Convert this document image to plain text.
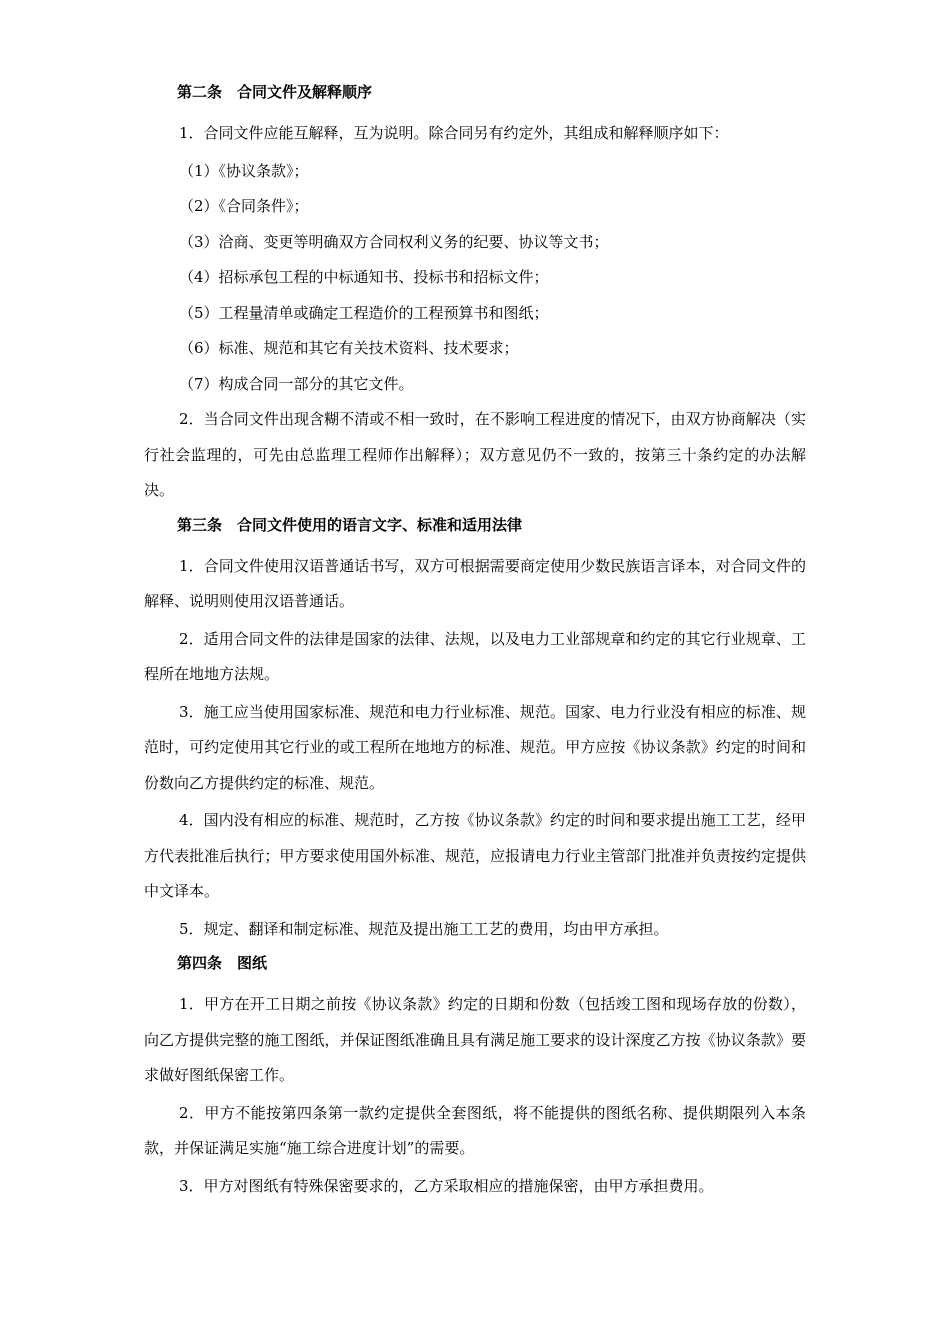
第二条　合同文件及解释顺序

1．合同文件应能互解释，互为说明。除合同另有约定外，其组成和解释顺序如下：

（1）《协议条款》；

（2）《合同条件》；

（3）洽商、变更等明确双方合同权利义务的纪要、协议等文书；

（4）招标承包工程的中标通知书、投标书和招标文件；

（5）工程量清单或确定工程造价的工程预算书和图纸；

（6）标准、规范和其它有关技术资料、技术要求；

（7）构成合同一部分的其它文件。

2．当合同文件出现含糊不清或不相一致时，在不影响工程进度的情况下，由双方协商解决（实行社会监理的，可先由总监理工程师作出解释）；双方意见仍不一致的，按第三十条约定的办法解决。

第三条　合同文件使用的语言文字、标准和适用法律

1．合同文件使用汉语普通话书写，双方可根据需要商定使用少数民族语言译本，对合同文件的解释、说明则使用汉语普通话。

2．适用合同文件的法律是国家的法律、法规，以及电力工业部规章和约定的其它行业规章、工程所在地地方法规。

3．施工应当使用国家标准、规范和电力行业标准、规范。国家、电力行业没有相应的标准、规范时，可约定使用其它行业的或工程所在地地方的标准、规范。甲方应按《协议条款》约定的时间和份数向乙方提供约定的标准、规范。

4．国内没有相应的标准、规范时，乙方按《协议条款》约定的时间和要求提出施工工艺，经甲方代表批准后执行；甲方要求使用国外标准、规范，应报请电力行业主管部门批准并负责按约定提供中文译本。

5．规定、翻译和制定标准、规范及提出施工工艺的费用，均由甲方承担。

第四条　图纸

1．甲方在开工日期之前按《协议条款》约定的日期和份数（包括竣工图和现场存放的份数），向乙方提供完整的施工图纸，并保证图纸准确且具有满足施工要求的设计深度乙方按《协议条款》要求做好图纸保密工作。

2．甲方不能按第四条第一款约定提供全套图纸，将不能提供的图纸名称、提供期限列入本条款，并保证满足实施“施工综合进度计划”的需要。

3．甲方对图纸有特殊保密要求的，乙方采取相应的措施保密，由甲方承担费用。
